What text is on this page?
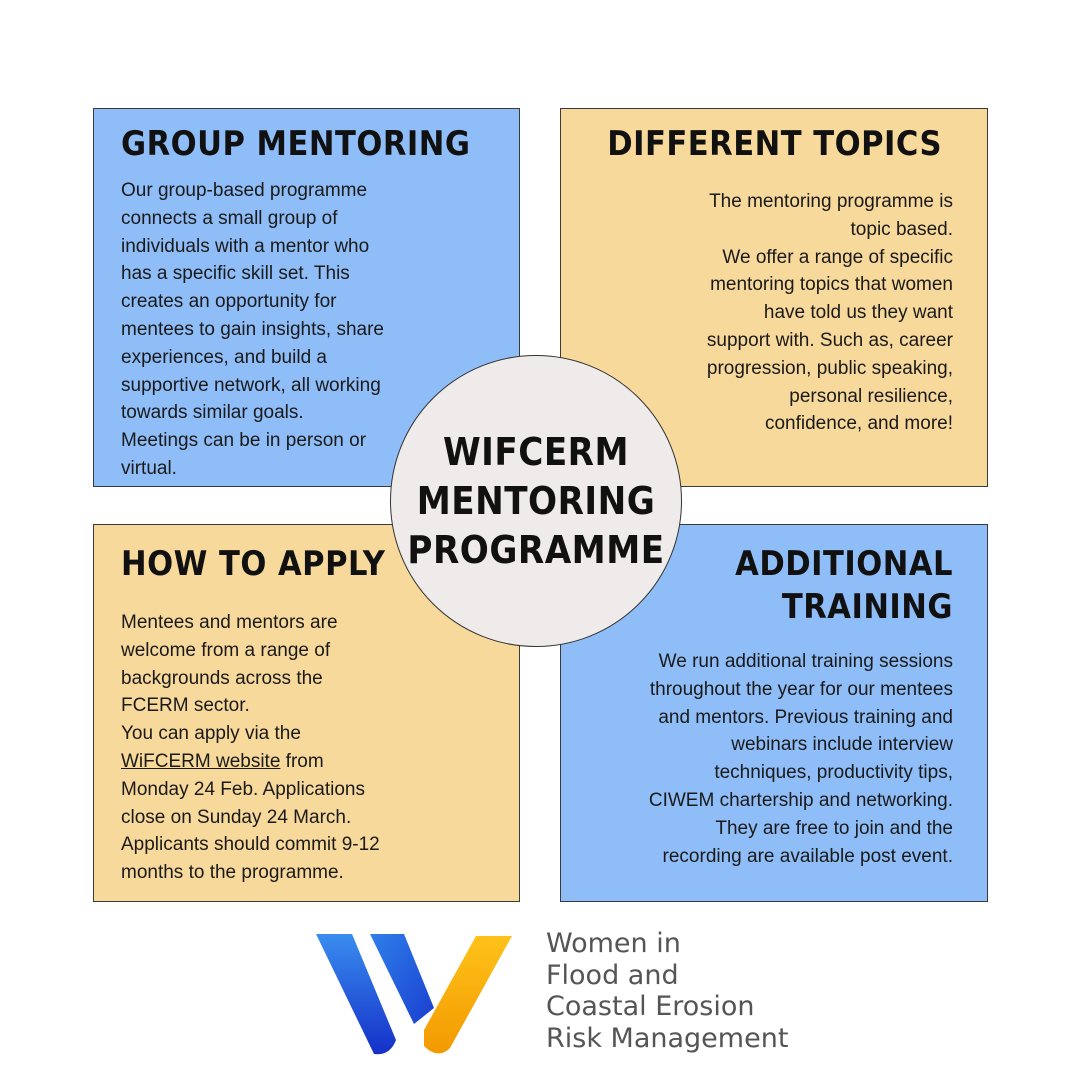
GROUP MENTORING

Our group-based programme
connects a small group of
individuals with a mentor who
has a specific skill set. This
creates an opportunity for
mentees to gain insights, share
experiences, and build a
supportive network, all working
towards similar goals.
Meetings can be in person or
virtual.

DIFFERENT TOPICS

The mentoring programme is
topic based.
We offer a range of specific
mentoring topics that women
have told us they want
support with. Such as, career
progression, public speaking,
personal resilience,
confidence, and more!

HOW TO APPLY

Mentees and mentors are
welcome from a range of
backgrounds across the
FCERM sector.
You can apply via the
WiFCERM website from
Monday 24 Feb. Applications
close on Sunday 24 March.
Applicants should commit 9-12
months to the programme.

ADDITIONAL
TRAINING

We run additional training sessions
throughout the year for our mentees
and mentors. Previous training and
webinars include interview
techniques, productivity tips,
CIWEM chartership and networking.
They are free to join and the
recording are available post event.

WIFCERM
MENTORING
PROGRAMME
Women in
Flood and
Coastal Erosion
Risk Management
